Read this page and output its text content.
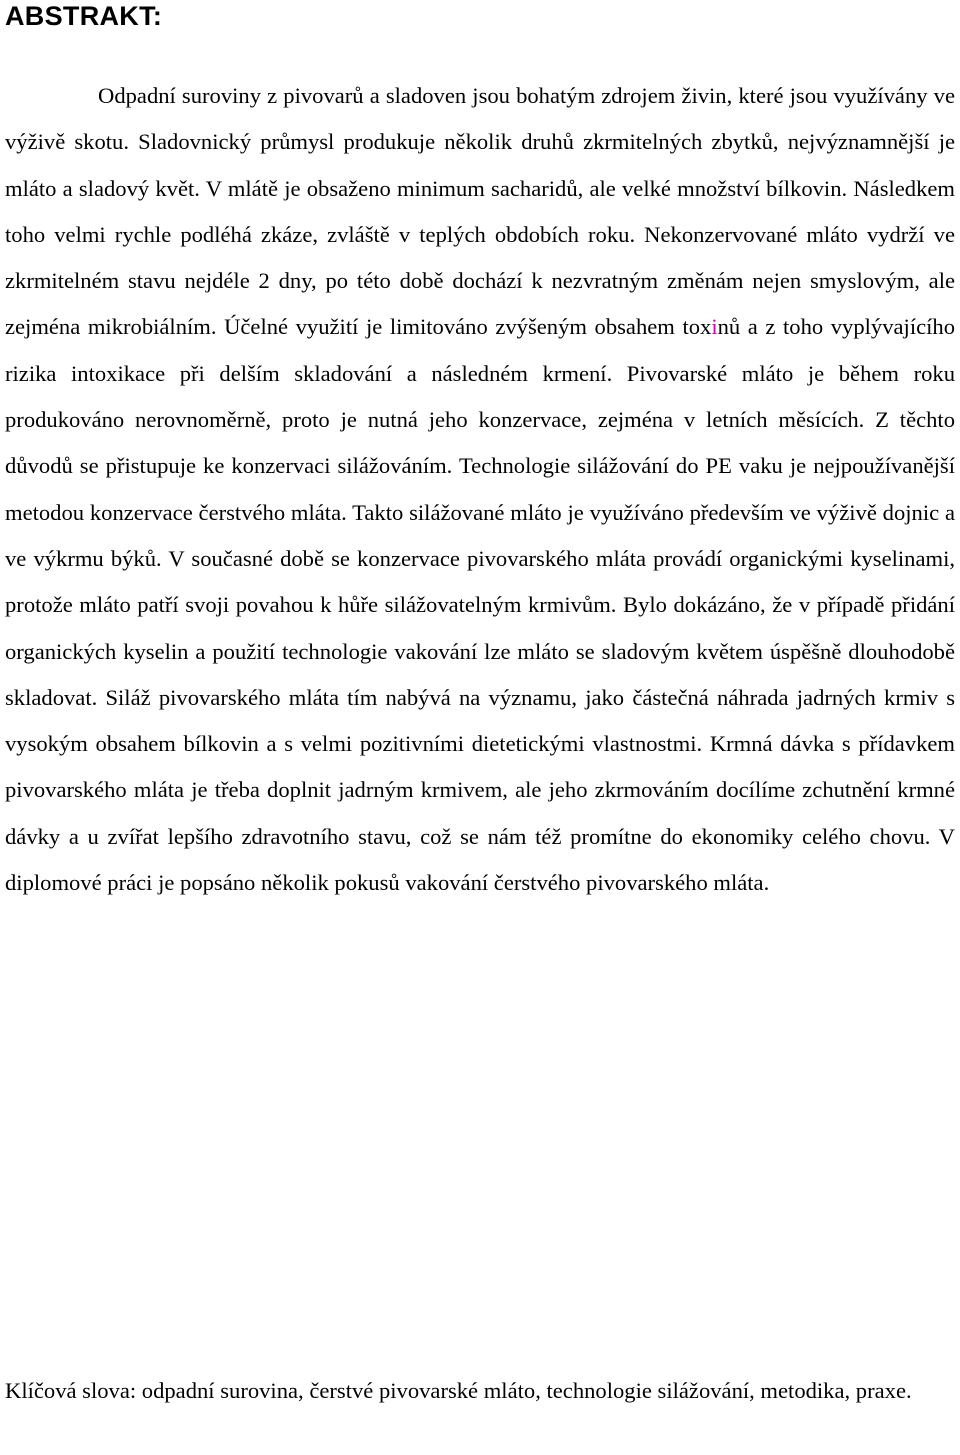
ABSTRAKT:

Odpadní suroviny z pivovarů a sladoven jsou bohatým zdrojem živin, které jsou využívány ve výživě skotu. Sladovnický průmysl produkuje několik druhů zkrmitelných zbytků, nejvýznamnější je mláto a sladový květ. V mlátě je obsaženo minimum sacharidů, ale velké množství bílkovin. Následkem toho velmi rychle podléhá zkáze, zvláště v teplých obdobích roku. Nekonzervované mláto vydrží ve zkrmitelném stavu nejdéle 2 dny, po této době dochází k nezvratným změnám nejen smyslovým, ale zejména mikrobiálním. Účelné využití je limitováno zvýšeným obsahem toxinů a z toho vyplývajícího rizika intoxikace při delším skladování a následném krmení. Pivovarské mláto je během roku produkováno nerovnoměrně, proto je nutná jeho konzervace, zejména v letních měsících. Z těchto důvodů se přistupuje ke konzervaci silážováním. Technologie silážování do PE vaku je nejpoužívanější metodou konzervace čerstvého mláta. Takto silážované mláto je využíváno především ve výživě dojnic a ve výkrmu býků. V současné době se konzervace pivovarského mláta provádí organickými kyselinami, protože mláto patří svoji povahou k hůře silážovatelným krmivům. Bylo dokázáno, že v případě přidání organických kyselin a použití technologie vakování lze mláto se sladovým květem úspěšně dlouhodobě skladovat. Siláž pivovarského mláta tím nabývá na významu, jako částečná náhrada jadrných krmiv s vysokým obsahem bílkovin a s velmi pozitivními dietetickými vlastnostmi. Krmná dávka s přídavkem pivovarského mláta je třeba doplnit jadrným krmivem, ale jeho zkrmováním docílíme zchutnění krmné dávky a u zvířat lepšího zdravotního stavu, což se nám též promítne do ekonomiky celého chovu. V diplomové práci je popsáno několik pokusů vakování čerstvého pivovarského mláta.

Klíčová slova: odpadní surovina, čerstvé pivovarské mláto, technologie silážování, metodika, praxe.
